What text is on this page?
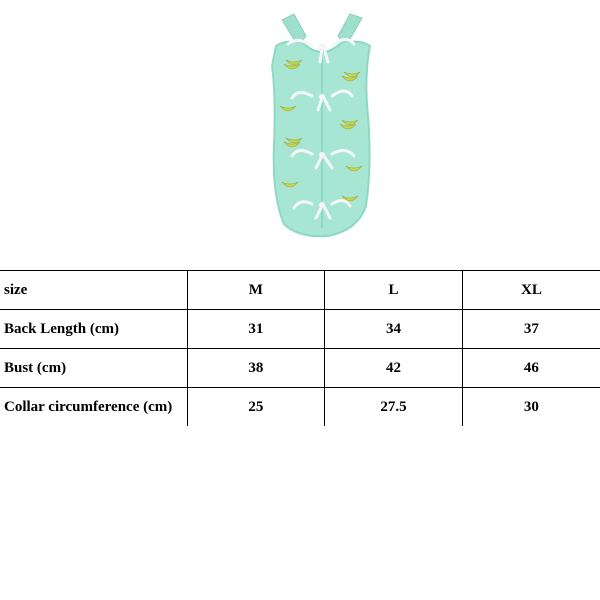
size	M	L	XL
Back Length (cm)	31	34	37
Bust (cm)	38	42	46
Collar circumference (cm)	25	27.5	30
